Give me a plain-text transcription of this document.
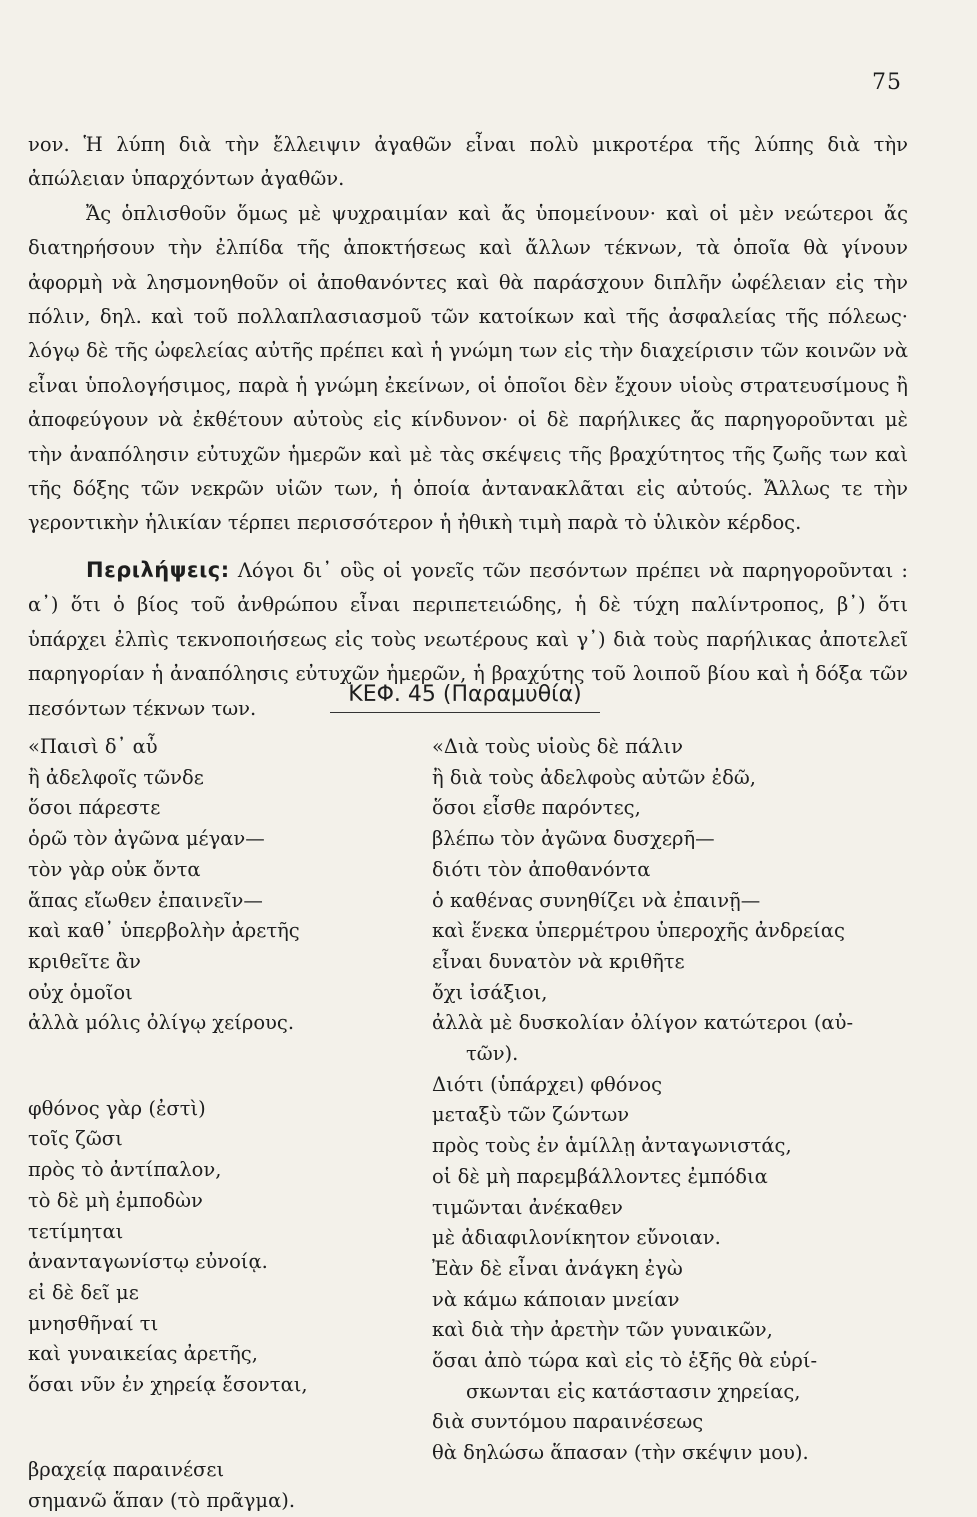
75

νον. Ἡ λύπη διὰ τὴν ἔλλειψιν ἀγαθῶν εἶναι πολὺ μικροτέρα τῆς λύπης διὰ τὴν ἀπώλειαν ὑπαρχόντων ἀγαθῶν.

Ἄς ὁπλισθοῦν ὅμως μὲ ψυχραιμίαν καὶ ἄς ὑπομείνουν· καὶ οἱ μὲν νεώτεροι ἄς διατηρήσουν τὴν ἐλπίδα τῆς ἀποκτήσεως καὶ ἄλλων τέκνων, τὰ ὁποῖα θὰ γίνουν ἀφορμὴ νὰ λησμονηθοῦν οἱ ἀποθανόντες καὶ θὰ παράσχουν διπλῆν ὠφέλειαν εἰς τὴν πόλιν, δηλ. καὶ τοῦ πολλαπλασιασμοῦ τῶν κατοίκων καὶ τῆς ἀσφαλείας τῆς πόλεως· λόγῳ δὲ τῆς ὠφελείας αὐτῆς πρέπει καὶ ἡ γνώμη των εἰς τὴν διαχείρισιν τῶν κοινῶν νὰ εἶναι ὑπολογήσιμος, παρὰ ἡ γνώμη ἐκείνων, οἱ ὁποῖοι δὲν ἔχουν υἱοὺς στρατευσίμους ἢ ἀποφεύγουν νὰ ἐκθέτουν αὐτοὺς εἰς κίνδυνον· οἱ δὲ παρήλικες ἄς παρηγοροῦνται μὲ τὴν ἀναπόλησιν εὐτυχῶν ἡμερῶν καὶ μὲ τὰς σκέψεις τῆς βραχύτητος τῆς ζωῆς των καὶ τῆς δόξης τῶν νεκρῶν υἱῶν των, ἡ ὁποία ἀντανακλᾶται εἰς αὐτούς. Ἄλλως τε τὴν γεροντικὴν ἡλικίαν τέρπει περισσότερον ἡ ἠθικὴ τιμὴ παρὰ τὸ ὑλικὸν κέρδος.

Περιλήψεις: Λόγοι δι᾽ οὓς οἱ γονεῖς τῶν πεσόντων πρέπει νὰ παρηγοροῦνται : α᾽) ὅτι ὁ βίος τοῦ ἀνθρώπου εἶναι περιπετειώδης, ἡ δὲ τύχη παλίντροπος, β᾽) ὅτι ὑπάρχει ἐλπὶς τεκνοποιήσεως εἰς τοὺς νεωτέρους καὶ γ᾽) διὰ τοὺς παρήλικας ἀποτελεῖ παρηγορίαν ἡ ἀναπόλησις εὐτυχῶν ἡμερῶν, ἡ βραχύτης τοῦ λοιποῦ βίου καὶ ἡ δόξα τῶν πεσόντων τέκνων των.

ΚΕΦ. 45 (Παραμυθία)

«Παισὶ δ᾽ αὖ

ἢ ἀδελφοῖς τῶνδε

ὅσοι πάρεστε

ὁρῶ τὸν ἀγῶνα μέγαν—

τὸν γὰρ οὐκ ὄντα

ἅπας εἴωθεν ἐπαινεῖν—

καὶ καθ᾽ ὑπερβολὴν ἀρετῆς

κριθεῖτε ἂν

οὐχ ὁμοῖοι

ἀλλὰ μόλις ὀλίγῳ χείρους.

φθόνος γὰρ (ἐστὶ)

τοῖς ζῶσι

πρὸς τὸ ἀντίπαλον,

τὸ δὲ μὴ ἐμποδὼν

τετίμηται

ἀνανταγωνίστῳ εὐνοίᾳ.

εἰ δὲ δεῖ με

μνησθῆναί τι

καὶ γυναικείας ἀρετῆς,

ὅσαι νῦν ἐν χηρείᾳ ἔσονται,

βραχείᾳ παραινέσει

σημανῶ ἅπαν (τὸ πρᾶγμα).

«Διὰ τοὺς υἱοὺς δὲ πάλιν

ἢ διὰ τοὺς ἀδελφοὺς αὐτῶν ἐδῶ,

ὅσοι εἶσθε παρόντες,

βλέπω τὸν ἀγῶνα δυσχερῆ—

διότι τὸν ἀποθανόντα

ὁ καθένας συνηθίζει νὰ ἐπαινῇ—

καὶ ἕνεκα ὑπερμέτρου ὑπεροχῆς ἀνδρείας

εἶναι δυνατὸν νὰ κριθῆτε

ὄχι ἰσάξιοι,

ἀλλὰ μὲ δυσκολίαν ὀλίγον κατώτεροι (αὐ-

τῶν).

Διότι (ὑπάρχει) φθόνος

μεταξὺ τῶν ζώντων

πρὸς τοὺς ἐν ἁμίλλῃ ἀνταγωνιστάς,

οἱ δὲ μὴ παρεμβάλλοντες ἐμπόδια

τιμῶνται ἀνέκαθεν

μὲ ἀδιαφιλονίκητον εὔνοιαν.

Ἐὰν δὲ εἶναι ἀνάγκη ἐγὼ

νὰ κάμω κάποιαν μνείαν

καὶ διὰ τὴν ἀρετὴν τῶν γυναικῶν,

ὅσαι ἀπὸ τώρα καὶ εἰς τὸ ἑξῆς θὰ εὑρί-

σκωνται εἰς κατάστασιν χηρείας,

διὰ συντόμου παραινέσεως

θὰ δηλώσω ἅπασαν (τὴν σκέψιν μου).
